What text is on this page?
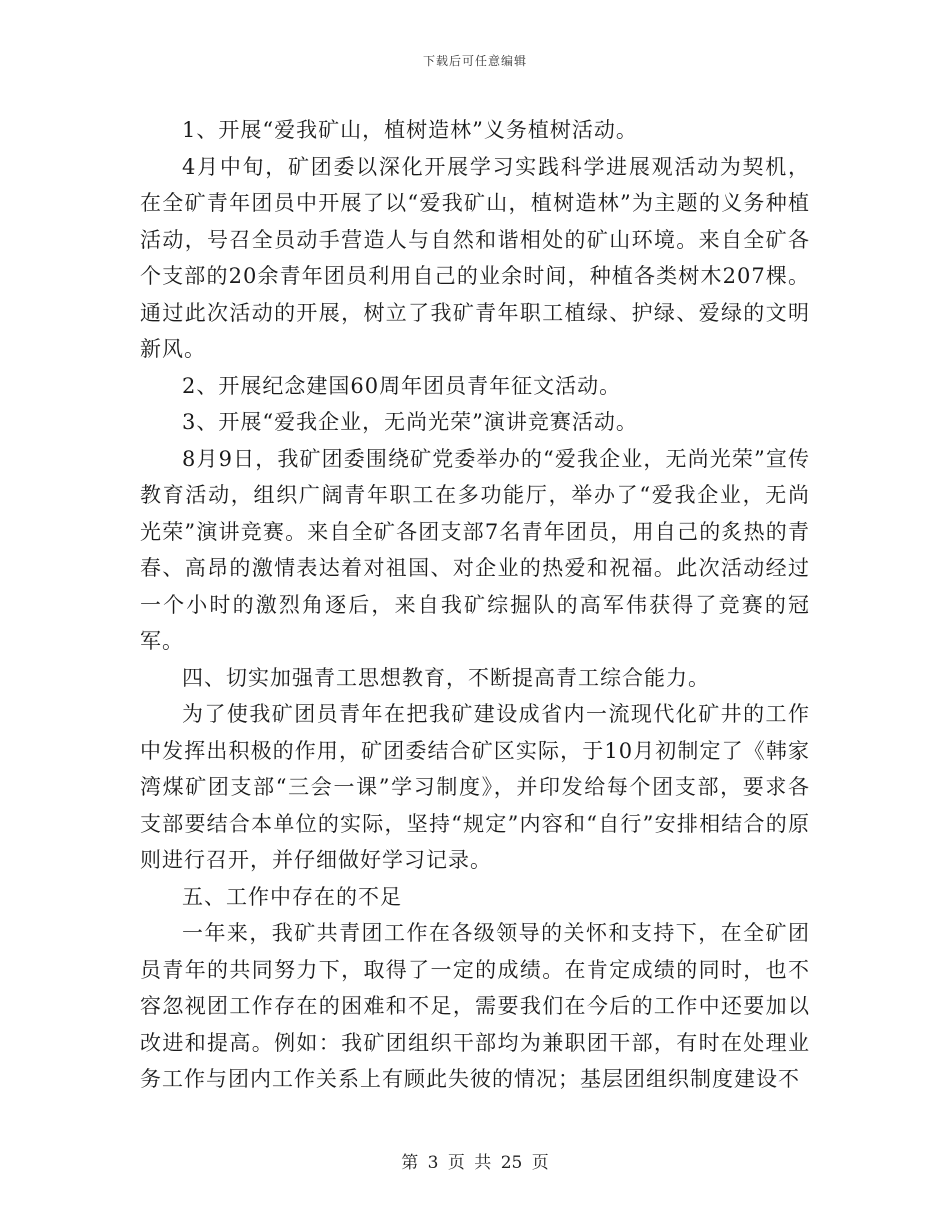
下载后可任意编辑

1、开展“爱我矿山，植树造林”义务植树活动。

4月中旬，矿团委以深化开展学习实践科学进展观活动为契机，在全矿青年团员中开展了以“爱我矿山，植树造林”为主题的义务种植活动，号召全员动手营造人与自然和谐相处的矿山环境。来自全矿各个支部的20余青年团员利用自己的业余时间，种植各类树木207棵。通过此次活动的开展，树立了我矿青年职工植绿、护绿、爱绿的文明新风。

2、开展纪念建国60周年团员青年征文活动。

3、开展“爱我企业，无尚光荣”演讲竞赛活动。

8月9日，我矿团委围绕矿党委举办的“爱我企业，无尚光荣”宣传教育活动，组织广阔青年职工在多功能厅，举办了“爱我企业，无尚光荣”演讲竞赛。来自全矿各团支部7名青年团员，用自己的炙热的青春、高昂的激情表达着对祖国、对企业的热爱和祝福。此次活动经过一个小时的激烈角逐后，来自我矿综掘队的高军伟获得了竞赛的冠军。

四、切实加强青工思想教育，不断提高青工综合能力。

为了使我矿团员青年在把我矿建设成省内一流现代化矿井的工作中发挥出积极的作用，矿团委结合矿区实际，于10月初制定了《韩家湾煤矿团支部“三会一课”学习制度》，并印发给每个团支部，要求各支部要结合本单位的实际，坚持“规定”内容和“自行”安排相结合的原则进行召开，并仔细做好学习记录。

五、工作中存在的不足

一年来，我矿共青团工作在各级领导的关怀和支持下，在全矿团员青年的共同努力下，取得了一定的成绩。在肯定成绩的同时，也不容忽视团工作存在的困难和不足，需要我们在今后的工作中还要加以改进和提高。例如：我矿团组织干部均为兼职团干部，有时在处理业务工作与团内工作关系上有顾此失彼的情况；基层团组织制度建设不

第 3 页 共 25 页
